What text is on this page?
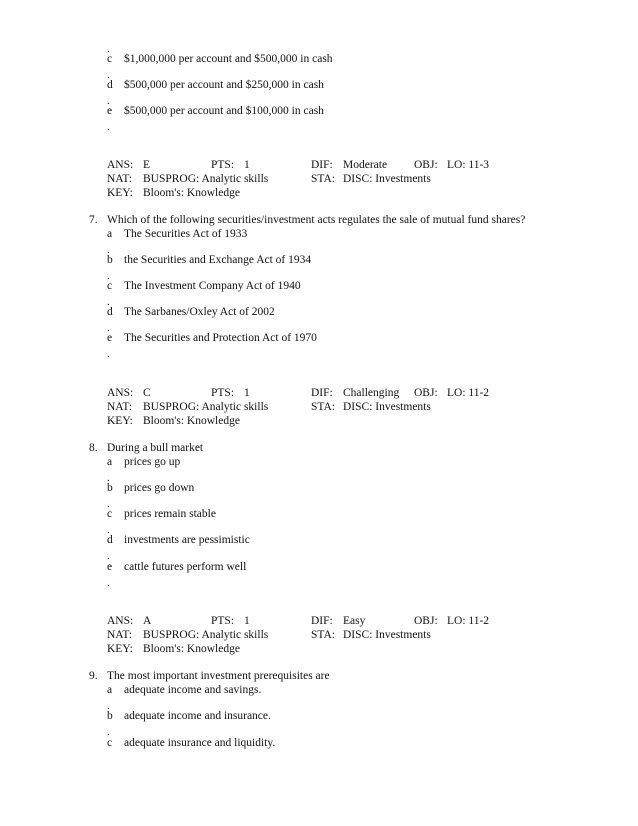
.
c $1,000,000 per account and $500,000 in cash
.
d $500,000 per account and $250,000 in cash
.
e $500,000 per account and $100,000 in cash
.
ANS: E	PTS: 1	DIF: Moderate OBJ: LO: 11-3
NAT: BUSPROG: Analytic skills	STA: DISC: Investments
KEY: Bloom's: Knowledge
7. Which of the following securities/investment acts regulates the sale of mutual fund shares?
a The Securities Act of 1933
.
b the Securities and Exchange Act of 1934
.
c The Investment Company Act of 1940
.
d The Sarbanes/Oxley Act of 2002
.
e The Securities and Protection Act of 1970
.
ANS: C	PTS: 1	DIF: Challenging OBJ: LO: 11-2
NAT: BUSPROG: Analytic skills	STA: DISC: Investments
KEY: Bloom's: Knowledge
8. During a bull market
a prices go up
.
b prices go down
.
c prices remain stable
.
d investments are pessimistic
.
e cattle futures perform well
.
ANS: A	PTS: 1	DIF: Easy	OBJ: LO: 11-2
NAT: BUSPROG: Analytic skills	STA: DISC: Investments
KEY: Bloom's: Knowledge
9. The most important investment prerequisites are
a adequate income and savings.
.
b adequate income and insurance.
.
c adequate insurance and liquidity.
